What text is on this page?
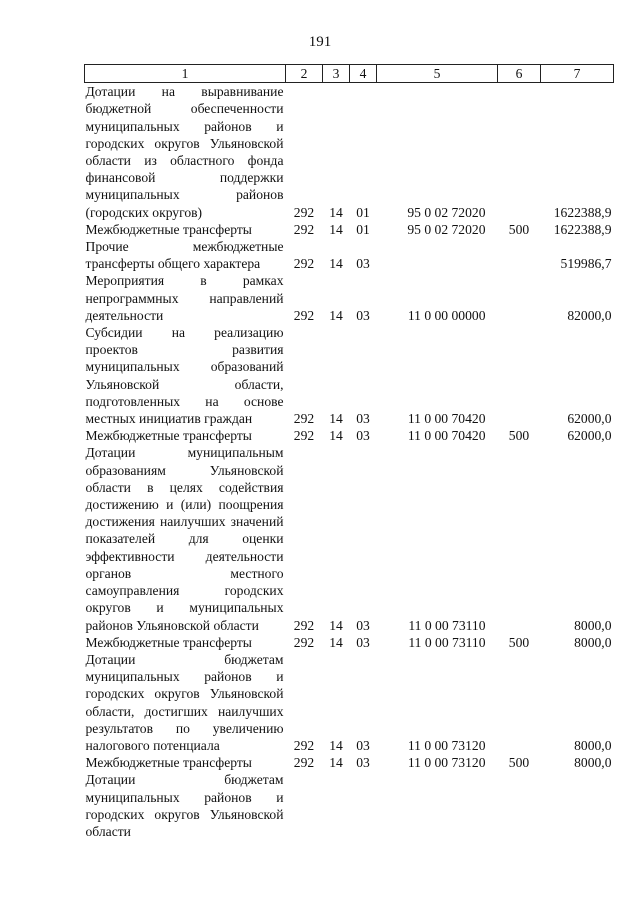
191
1	2	3	4	5	6	7
Дотации на выравнивание бюджетной обеспеченности муниципальных районов и городских округов Ульяновской области из областного фонда финансовой поддержки муниципальных районов (городских округов)	292	14	01	95 0 02 72020		1622388,9
Межбюджетные трансферты	292	14	01	95 0 02 72020	500	1622388,9
Прочие межбюджетные трансферты общего характера	292	14	03			519986,7
Мероприятия в рамках непрограммных направлений деятельности	292	14	03	11 0 00 00000		82000,0
Субсидии на реализацию проектов развития муниципальных образований Ульяновской области, подготовленных на основе местных инициатив граждан	292	14	03	11 0 00 70420		62000,0
Межбюджетные трансферты	292	14	03	11 0 00 70420	500	62000,0
Дотации муниципальным образованиям Ульяновской области в целях содействия достижению и (или) поощрения достижения наилучших значений показателей для оценки эффективности деятельности органов местного самоуправления городских округов и муниципальных районов Ульяновской области	292	14	03	11 0 00 73110		8000,0
Межбюджетные трансферты	292	14	03	11 0 00 73110	500	8000,0
Дотации бюджетам муниципальных районов и городских округов Ульяновской области, достигших наилучших результатов по увеличению налогового потенциала	292	14	03	11 0 00 73120		8000,0
Межбюджетные трансферты	292	14	03	11 0 00 73120	500	8000,0
Дотации бюджетам муниципальных районов и городских округов Ульяновской области						
